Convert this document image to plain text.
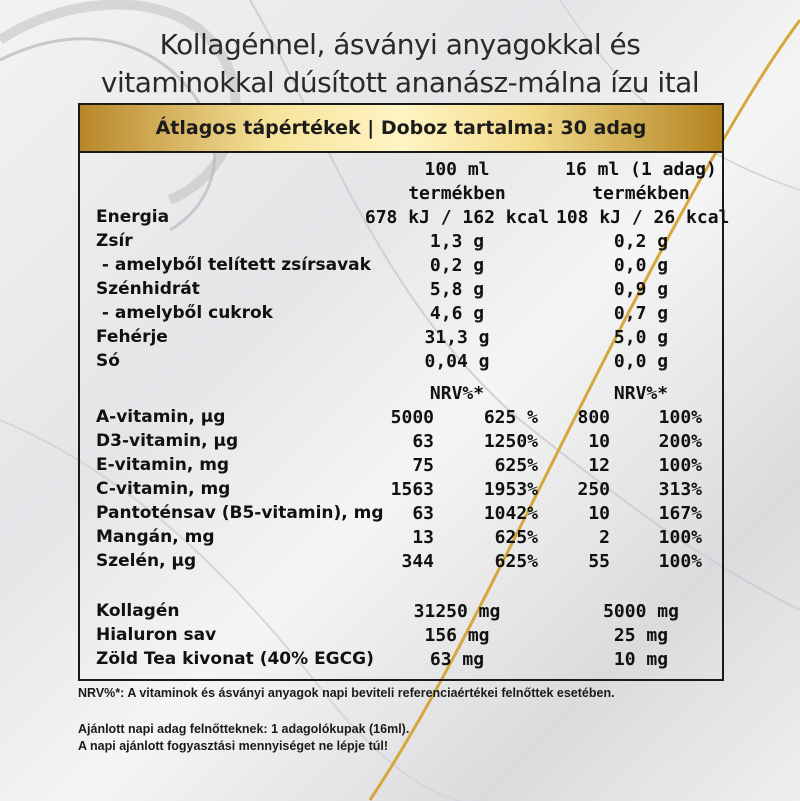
Kollagénnel, ásványi anyagokkal és
vitaminokkal dúsított ananász-málna ízu ital
Átlagos tápértékek | Doboz tartalma: 30 adag
100 ml	16 ml (1 adag)
termékben	termékben
Energia	678 kJ / 162 kcal 108 kJ / 26 kcal
Zsír	1,3 g	0,2 g
- amelyből telített zsírsavak	0,2 g	0,0 g
Szénhidrát	5,8 g	0,9 g
- amelyből cukrok	4,6 g	0,7 g
Fehérje	31,3 g	5,0 g
Só	0,04 g	0,0 g
NRV%*	NRV%*
A-vitamin, µg	5000	625 %	800	100%
D3-vitamin, µg	63	1250%	10	200%
E-vitamin, mg	75	625%	12	100%
C-vitamin, mg	1563	1953%	250	313%
Pantoténsav (B5-vitamin), mg	63	1042%	10	167%
Mangán, mg	13	625%	2	100%
Szelén, µg	344	625%	55	100%
Kollagén	31250 mg	5000 mg
Hialuron sav	156 mg	25 mg
Zöld Tea kivonat (40% EGCG)	63 mg	10 mg
NRV%*: A vitaminok és ásványi anyagok napi beviteli referenciaértékei felnőttek esetében.
Ajánlott napi adag felnőtteknek: 1 adagolókupak (16ml).
A napi ajánlott fogyasztási mennyiséget ne lépje túl!
